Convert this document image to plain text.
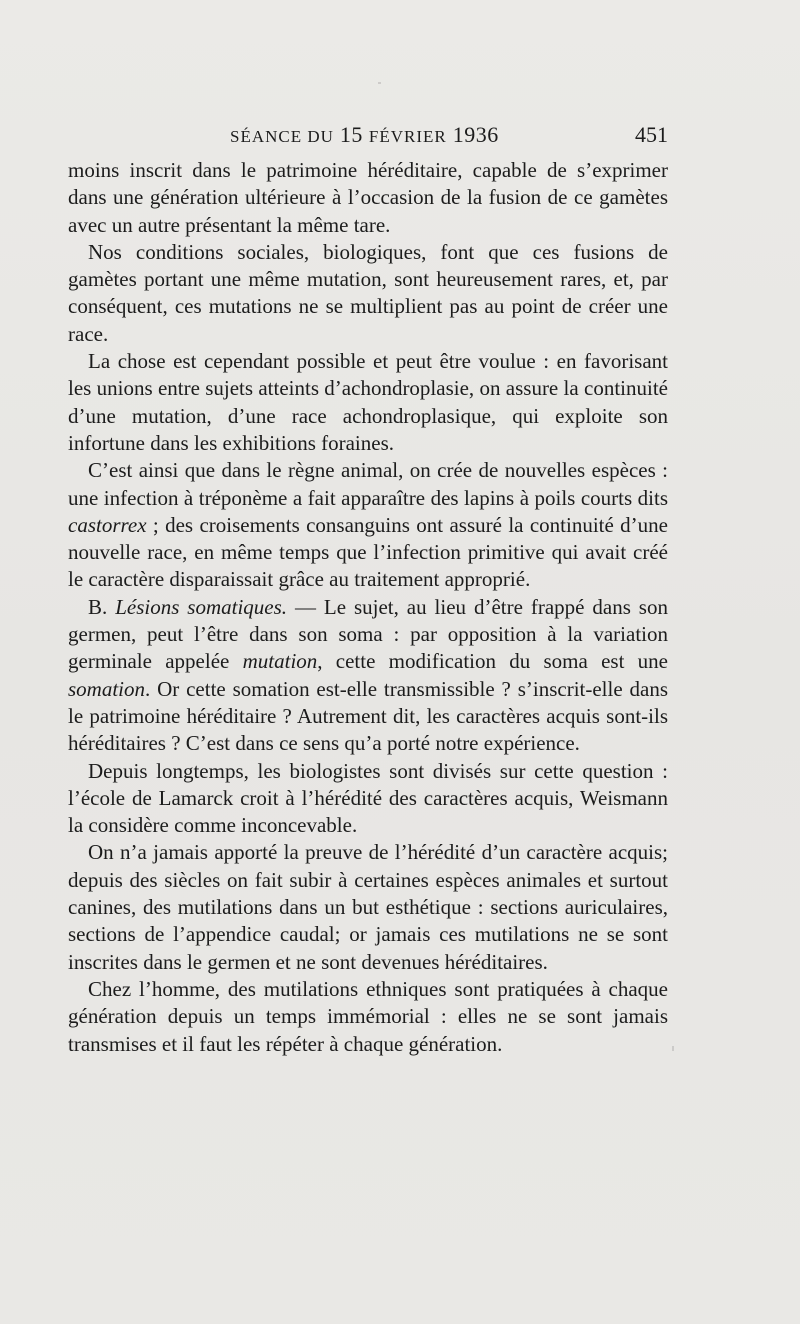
SÉANCE DU 15 FÉVRIER 1936	451

moins inscrit dans le patrimoine héréditaire, capable de s’exprimer dans une génération ultérieure à l’occasion de la fusion de ce gamètes avec un autre présentant la même tare.

Nos conditions sociales, biologiques, font que ces fusions de gamètes portant une même mutation, sont heureusement rares, et, par conséquent, ces mutations ne se multiplient pas au point de créer une race.

La chose est cependant possible et peut être voulue : en favorisant les unions entre sujets atteints d’achondroplasie, on assure la continuité d’une mutation, d’une race achondroplasique, qui exploite son infortune dans les exhibitions foraines.

C’est ainsi que dans le règne animal, on crée de nouvelles espèces : une infection à tréponème a fait apparaître des lapins à poils courts dits castorrex ; des croisements consanguins ont assuré la continuité d’une nouvelle race, en même temps que l’infection primitive qui avait créé le caractère disparaissait grâce au traitement approprié.

B. Lésions somatiques. — Le sujet, au lieu d’être frappé dans son germen, peut l’être dans son soma : par opposition à la variation germinale appelée mutation, cette modification du soma est une somation. Or cette somation est-elle transmissible ? s’inscrit-elle dans le patrimoine héréditaire ? Autrement dit, les caractères acquis sont-ils héréditaires ? C’est dans ce sens qu’a porté notre expérience.

Depuis longtemps, les biologistes sont divisés sur cette question : l’école de Lamarck croit à l’hérédité des caractères acquis, Weismann la considère comme inconcevable.

On n’a jamais apporté la preuve de l’hérédité d’un caractère acquis; depuis des siècles on fait subir à certaines espèces animales et surtout canines, des mutilations dans un but esthétique : sections auriculaires, sections de l’appendice caudal; or jamais ces mutilations ne se sont inscrites dans le germen et ne sont devenues héréditaires.

Chez l’homme, des mutilations ethniques sont pratiquées à chaque génération depuis un temps immémorial : elles ne se sont jamais transmises et il faut les répéter à chaque génération.
